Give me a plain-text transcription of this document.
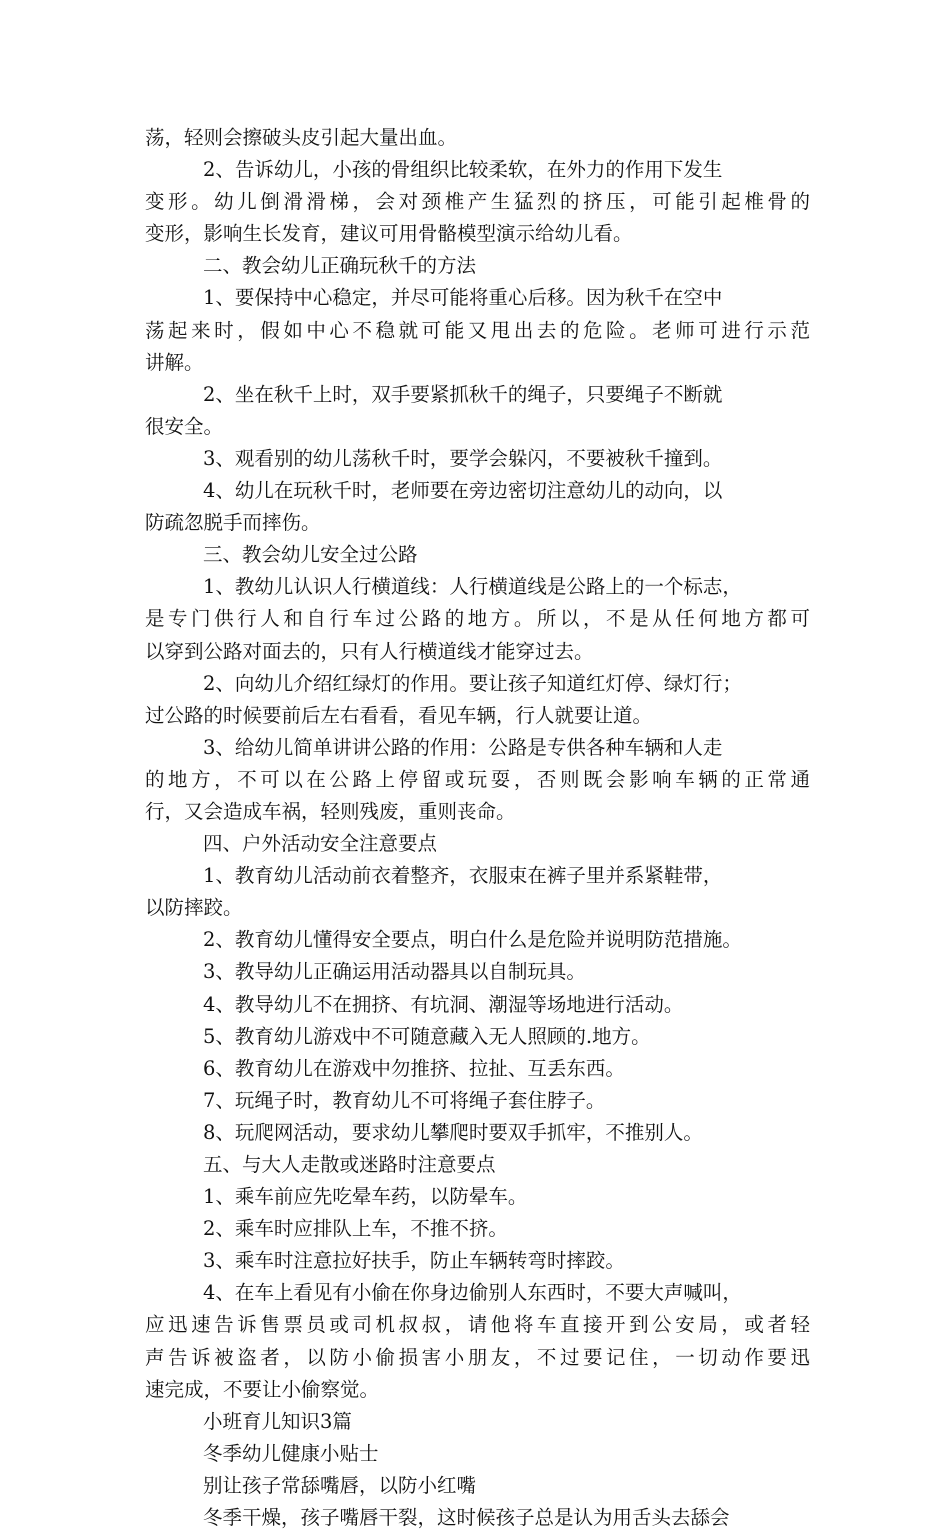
荡，轻则会擦破头皮引起大量出血。
2、告诉幼儿，小孩的骨组织比较柔软，在外力的作用下发生
变形。幼儿倒滑滑梯，会对颈椎产生猛烈的挤压，可能引起椎骨的
变形，影响生长发育，建议可用骨骼模型演示给幼儿看。
二、教会幼儿正确玩秋千的方法
1、要保持中心稳定，并尽可能将重心后移。因为秋千在空中
荡起来时，假如中心不稳就可能又甩出去的危险。老师可进行示范
讲解。
2、坐在秋千上时，双手要紧抓秋千的绳子，只要绳子不断就
很安全。
3、观看别的幼儿荡秋千时，要学会躲闪，不要被秋千撞到。
4、幼儿在玩秋千时，老师要在旁边密切注意幼儿的动向，以
防疏忽脱手而摔伤。
三、教会幼儿安全过公路
1、教幼儿认识人行横道线：人行横道线是公路上的一个标志，
是专门供行人和自行车过公路的地方。所以，不是从任何地方都可
以穿到公路对面去的，只有人行横道线才能穿过去。
2、向幼儿介绍红绿灯的作用。要让孩子知道红灯停、绿灯行；
过公路的时候要前后左右看看，看见车辆，行人就要让道。
3、给幼儿简单讲讲公路的作用：公路是专供各种车辆和人走
的地方，不可以在公路上停留或玩耍，否则既会影响车辆的正常通
行，又会造成车祸，轻则残废，重则丧命。
四、户外活动安全注意要点
1、教育幼儿活动前衣着整齐，衣服束在裤子里并系紧鞋带，
以防摔跤。
2、教育幼儿懂得安全要点，明白什么是危险并说明防范措施。
3、教导幼儿正确运用活动器具以自制玩具。
4、教导幼儿不在拥挤、有坑洞、潮湿等场地进行活动。
5、教育幼儿游戏中不可随意藏入无人照顾的.地方。
6、教育幼儿在游戏中勿推挤、拉扯、互丢东西。
7、玩绳子时，教育幼儿不可将绳子套住脖子。
8、玩爬网活动，要求幼儿攀爬时要双手抓牢，不推别人。
五、与大人走散或迷路时注意要点
1、乘车前应先吃晕车药，以防晕车。
2、乘车时应排队上车，不推不挤。
3、乘车时注意拉好扶手，防止车辆转弯时摔跤。
4、在车上看见有小偷在你身边偷别人东西时，不要大声喊叫，
应迅速告诉售票员或司机叔叔，请他将车直接开到公安局，或者轻
声告诉被盗者，以防小偷损害小朋友，不过要记住，一切动作要迅
速完成，不要让小偷察觉。
小班育儿知识3篇
冬季幼儿健康小贴士
别让孩子常舔嘴唇，以防小红嘴
冬季干燥，孩子嘴唇干裂，这时候孩子总是认为用舌头去舔会
